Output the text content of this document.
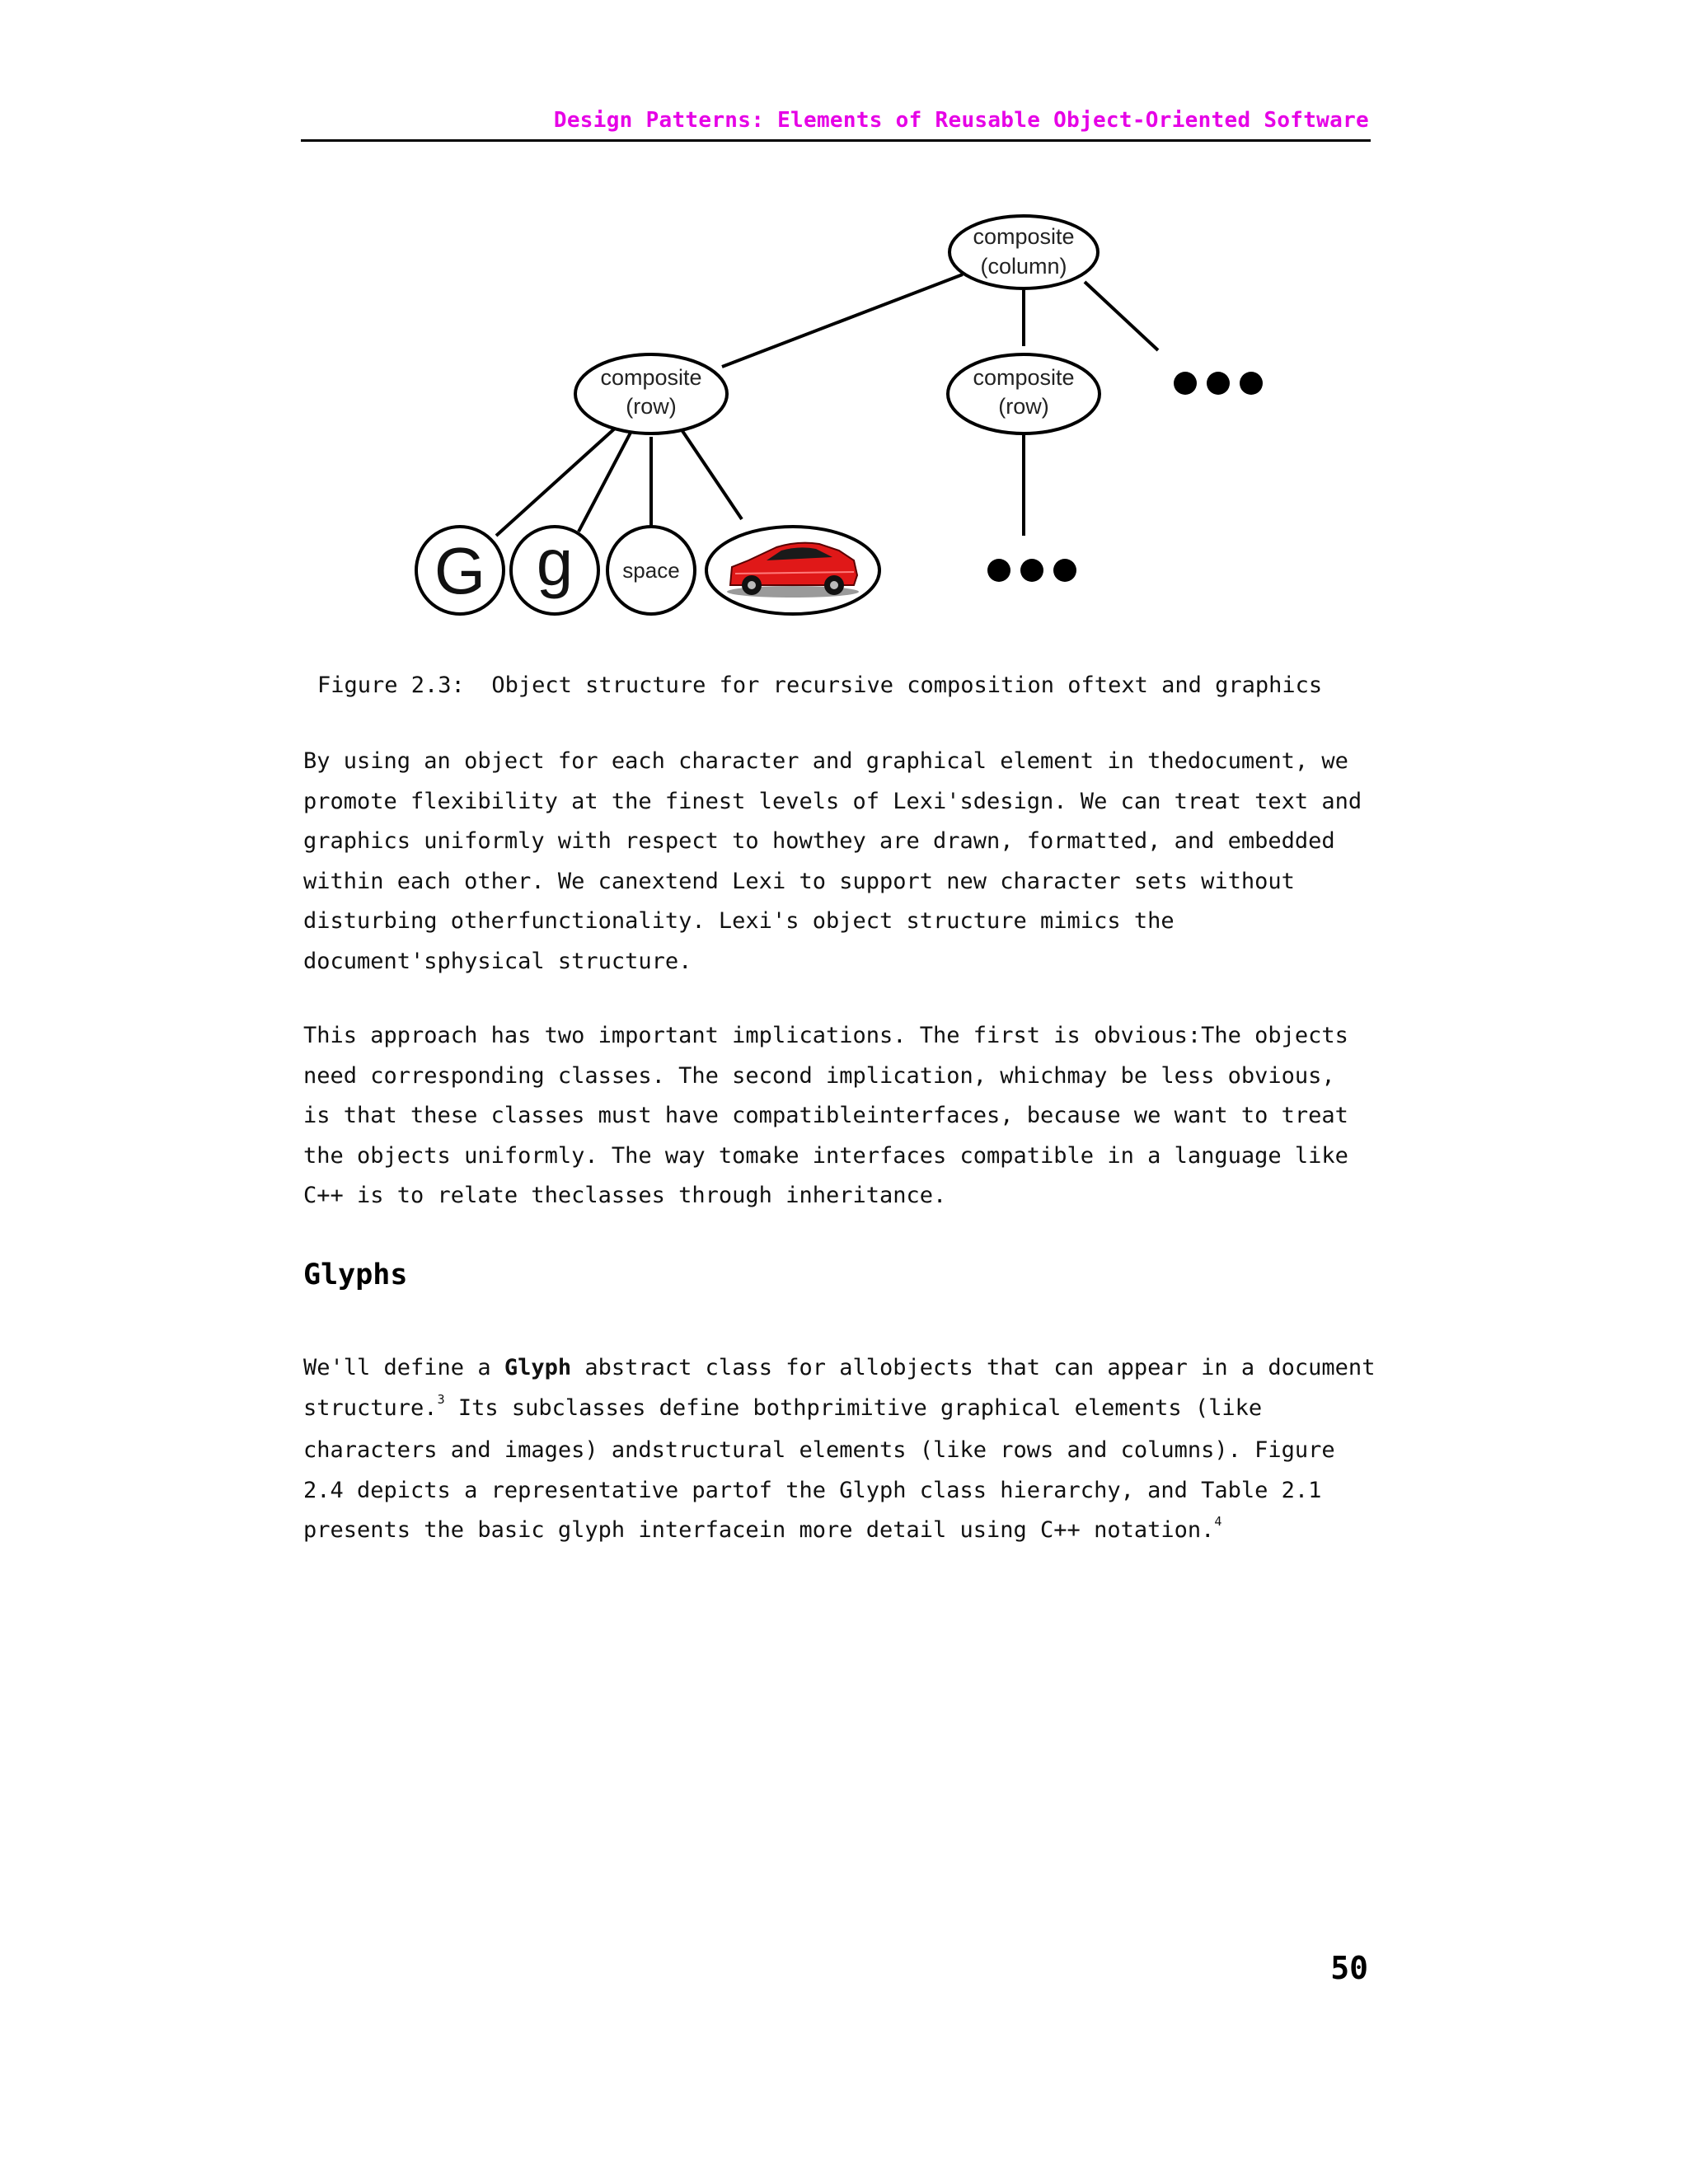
Design Patterns: Elements of Reusable Object-Oriented Software
composite
(column)
composite
(row)
composite
(row)
G g space
Figure 2.3:  Object structure for recursive composition oftext and graphics
By using an object for each character and graphical element in thedocument, we
promote flexibility at the finest levels of Lexi'sdesign. We can treat text and
graphics uniformly with respect to howthey are drawn, formatted, and embedded
within each other. We canextend Lexi to support new character sets without
disturbing otherfunctionality. Lexi's object structure mimics the
document'sphysical structure.
This approach has two important implications. The first is obvious:The objects
need corresponding classes. The second implication, whichmay be less obvious,
is that these classes must have compatibleinterfaces, because we want to treat
the objects uniformly. The way tomake interfaces compatible in a language like
C++ is to relate theclasses through inheritance.
Glyphs
We'll define a Glyph abstract class for allobjects that can appear in a document
structure.$^3$ Its subclasses define bothprimitive graphical elements (like
characters and images) andstructural elements (like rows and columns). Figure
2.4 depicts a representative partof the Glyph class hierarchy, and Table 2.1
presents the basic glyph interfacein more detail using C++ notation.$^4$
50
